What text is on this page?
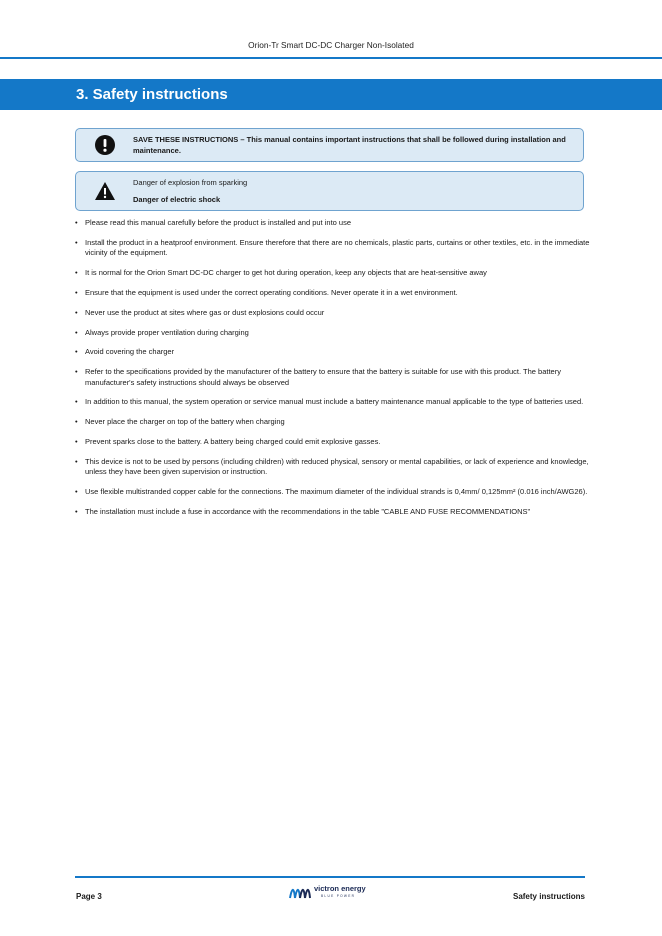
Orion-Tr Smart DC-DC Charger Non-Isolated
3. Safety instructions
SAVE THESE INSTRUCTIONS – This manual contains important instructions that shall be followed during installation and maintenance.
Danger of explosion from sparking
Danger of electric shock
• Please read this manual carefully before the product is installed and put into use
• Install the product in a heatproof environment. Ensure therefore that there are no chemicals, plastic parts, curtains or other textiles, etc. in the immediate vicinity of the equipment.
• It is normal for the Orion Smart DC-DC charger to get hot during operation, keep any objects that are heat-sensitive away
• Ensure that the equipment is used under the correct operating conditions. Never operate it in a wet environment.
• Never use the product at sites where gas or dust explosions could occur
• Always provide proper ventilation during charging
• Avoid covering the charger
• Refer to the specifications provided by the manufacturer of the battery to ensure that the battery is suitable for use with this product. The battery manufacturer's safety instructions should always be observed
• In addition to this manual, the system operation or service manual must include a battery maintenance manual applicable to the type of batteries used.
• Never place the charger on top of the battery when charging
• Prevent sparks close to the battery. A battery being charged could emit explosive gasses.
• This device is not to be used by persons (including children) with reduced physical, sensory or mental capabilities, or lack of experience and knowledge, unless they have been given supervision or instruction.
• Use flexible multistranded copper cable for the connections. The maximum diameter of the individual strands is 0,4mm/ 0,125mm² (0.016 inch/AWG26).
• The installation must include a fuse in accordance with the recommendations in the table ”CABLE AND FUSE RECOMMENDATIONS”
Page 3
victron energy
BLUE POWER	Safety instructions
